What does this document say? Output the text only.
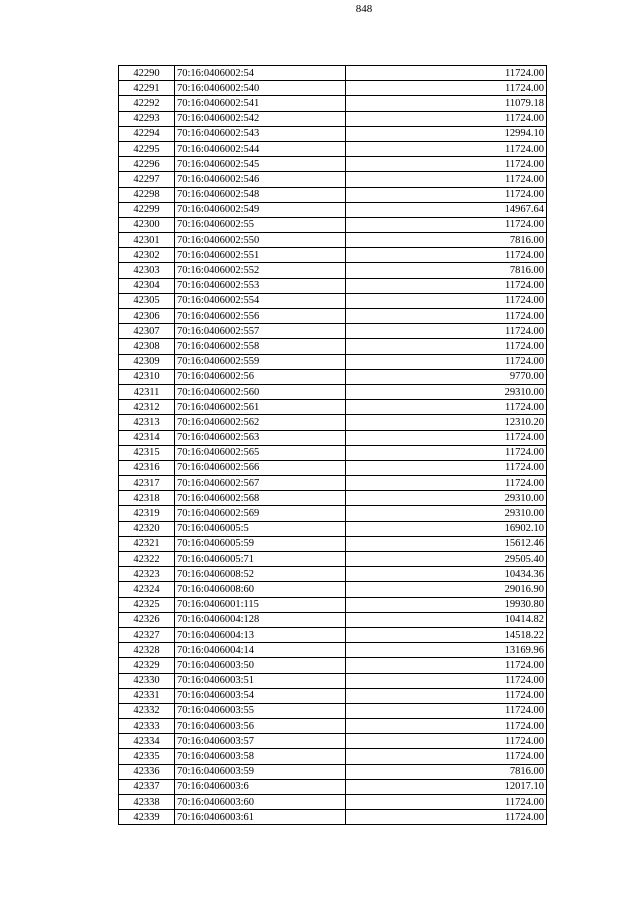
848
42290	70:16:0406002:54	11724.00
42291	70:16:0406002:540	11724.00
42292	70:16:0406002:541	11079.18
42293	70:16:0406002:542	11724.00
42294	70:16:0406002:543	12994.10
42295	70:16:0406002:544	11724.00
42296	70:16:0406002:545	11724.00
42297	70:16:0406002:546	11724.00
42298	70:16:0406002:548	11724.00
42299	70:16:0406002:549	14967.64
42300	70:16:0406002:55	11724.00
42301	70:16:0406002:550	7816.00
42302	70:16:0406002:551	11724.00
42303	70:16:0406002:552	7816.00
42304	70:16:0406002:553	11724.00
42305	70:16:0406002:554	11724.00
42306	70:16:0406002:556	11724.00
42307	70:16:0406002:557	11724.00
42308	70:16:0406002:558	11724.00
42309	70:16:0406002:559	11724.00
42310	70:16:0406002:56	9770.00
42311	70:16:0406002:560	29310.00
42312	70:16:0406002:561	11724.00
42313	70:16:0406002:562	12310.20
42314	70:16:0406002:563	11724.00
42315	70:16:0406002:565	11724.00
42316	70:16:0406002:566	11724.00
42317	70:16:0406002:567	11724.00
42318	70:16:0406002:568	29310.00
42319	70:16:0406002:569	29310.00
42320	70:16:0406005:5	16902.10
42321	70:16:0406005:59	15612.46
42322	70:16:0406005:71	29505.40
42323	70:16:0406008:52	10434.36
42324	70:16:0406008:60	29016.90
42325	70:16:0406001:115	19930.80
42326	70:16:0406004:128	10414.82
42327	70:16:0406004:13	14518.22
42328	70:16:0406004:14	13169.96
42329	70:16:0406003:50	11724.00
42330	70:16:0406003:51	11724.00
42331	70:16:0406003:54	11724.00
42332	70:16:0406003:55	11724.00
42333	70:16:0406003:56	11724.00
42334	70:16:0406003:57	11724.00
42335	70:16:0406003:58	11724.00
42336	70:16:0406003:59	7816.00
42337	70:16:0406003:6	12017.10
42338	70:16:0406003:60	11724.00
42339	70:16:0406003:61	11724.00
